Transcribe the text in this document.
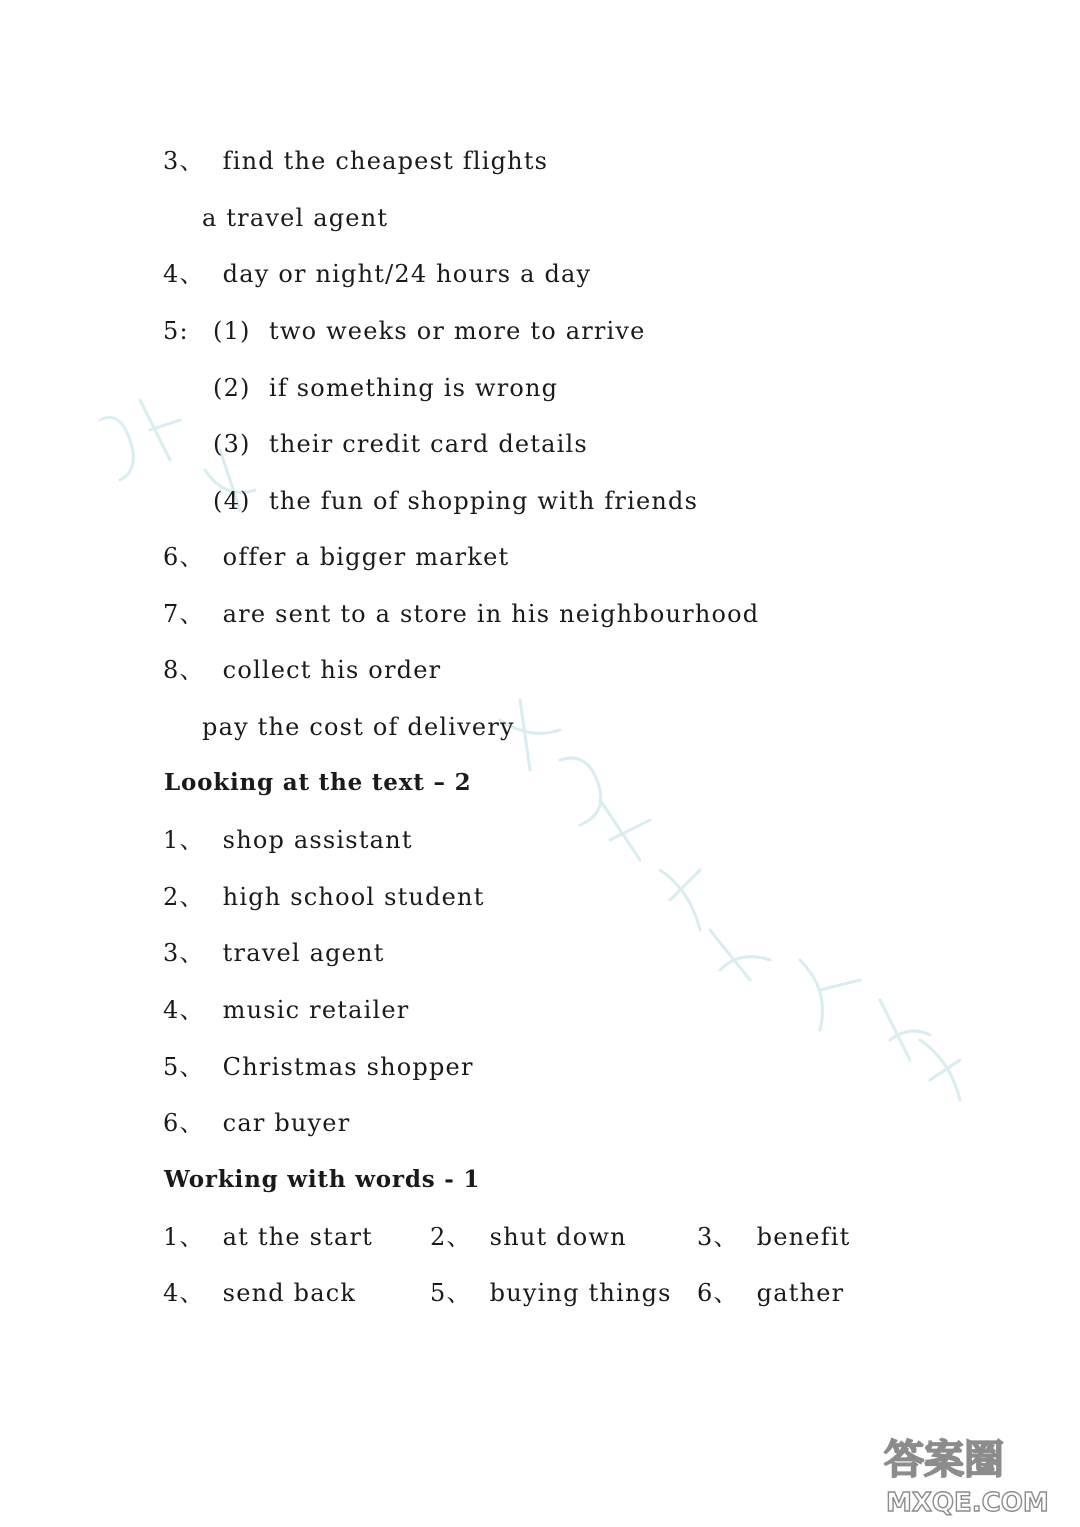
3、 find the cheapest flights
a travel agent
4、 day or night/24 hours a day
5: (1) two weeks or more to arrive
(2) if something is wrong
(3) their credit card details
(4) the fun of shopping with friends
6、 offer a bigger market
7、 are sent to a store in his neighbourhood
8、 collect his order
pay the cost of delivery
Looking at the text – 2
1、 shop assistant
2、 high school student
3、 travel agent
4、 music retailer
5、 Christmas shopper
6、 car buyer
Working with words - 1
1、 at the start 2、 shut down	3、 benefit
4、 send back	5、 buying things 6、 gather
答案圈
MXQE.COM
